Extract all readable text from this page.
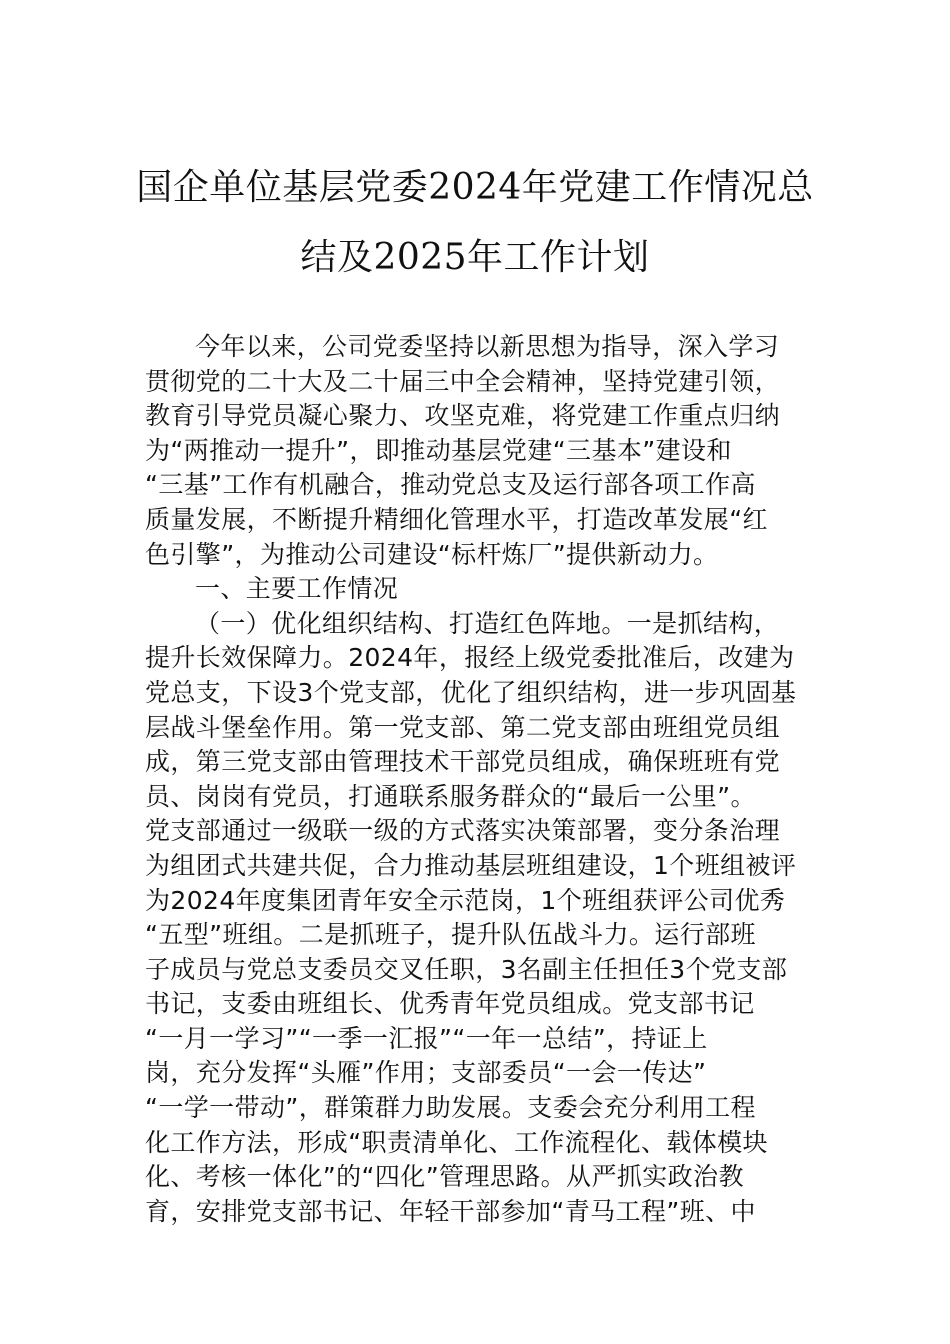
国企单位基层党委2024年党建工作情况总
结及2025年工作计划
今年以来，公司党委坚持以新思想为指导，深入学习
贯彻党的二十大及二十届三中全会精神，坚持党建引领，
教育引导党员凝心聚力、攻坚克难，将党建工作重点归纳
为“两推动一提升”，即推动基层党建“三基本”建设和
“三基”工作有机融合，推动党总支及运行部各项工作高
质量发展，不断提升精细化管理水平，打造改革发展“红
色引擎”，为推动公司建设“标杆炼厂”提供新动力。
一、主要工作情况
（一）优化组织结构、打造红色阵地。一是抓结构，
提升长效保障力。2024年，报经上级党委批准后，改建为
党总支，下设3个党支部，优化了组织结构，进一步巩固基
层战斗堡垒作用。第一党支部、第二党支部由班组党员组
成，第三党支部由管理技术干部党员组成，确保班班有党
员、岗岗有党员，打通联系服务群众的“最后一公里”。
党支部通过一级联一级的方式落实决策部署，变分条治理
为组团式共建共促，合力推动基层班组建设，1个班组被评
为2024年度集团青年安全示范岗，1个班组获评公司优秀
“五型”班组。二是抓班子，提升队伍战斗力。运行部班
子成员与党总支委员交叉任职，3名副主任担任3个党支部
书记，支委由班组长、优秀青年党员组成。党支部书记
“一月一学习”“一季一汇报”“一年一总结”，持证上
岗，充分发挥“头雁”作用；支部委员“一会一传达”
“一学一带动”，群策群力助发展。支委会充分利用工程
化工作方法，形成“职责清单化、工作流程化、载体模块
化、考核一体化”的“四化”管理思路。从严抓实政治教
育，安排党支部书记、年轻干部参加“青马工程”班、中
